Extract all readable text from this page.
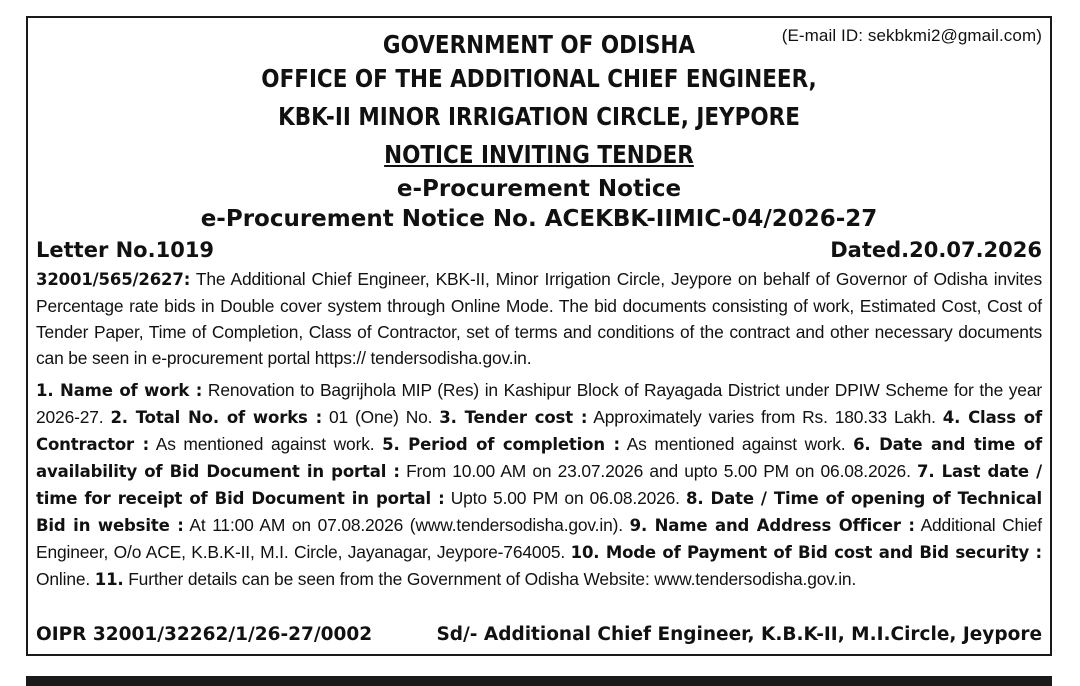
(E-mail ID: sekbkmi2@gmail.com)
GOVERNMENT OF ODISHA
OFFICE OF THE ADDITIONAL CHIEF ENGINEER,
KBK-II MINOR IRRIGATION CIRCLE, JEYPORE
NOTICE INVITING TENDER
e-Procurement Notice
e-Procurement Notice No. ACEKBK-IIMIC-04/2026-27
Letter No.1019	Dated.20.07.2026

32001/565/2627: The Additional Chief Engineer, KBK-II, Minor Irrigation Circle, Jeypore on behalf of Governor of Odisha invites Percentage rate bids in Double cover system through Online Mode. The bid documents consisting of work, Estimated Cost, Cost of Tender Paper, Time of Completion, Class of Contractor, set of terms and conditions of the contract and other necessary documents can be seen in e-procurement portal https:// tendersodisha.gov.in.

1. Name of work : Renovation to Bagrijhola MIP (Res) in Kashipur Block of Rayagada District under DPIW Scheme for the year 2026-27. 2. Total No. of works : 01 (One) No. 3. Tender cost : Approximately varies from Rs. 180.33 Lakh. 4. Class of Contractor : As mentioned against work. 5. Period of completion : As mentioned against work. 6. Date and time of availability of Bid Document in portal : From 10.00 AM on 23.07.2026 and upto 5.00 PM on 06.08.2026. 7. Last date / time for receipt of Bid Document in portal : Upto 5.00 PM on 06.08.2026. 8. Date / Time of opening of Technical Bid in website : At 11:00 AM on 07.08.2026 (www.tendersodisha.gov.in). 9. Name and Address Officer : Additional Chief Engineer, O/o ACE, K.B.K-II, M.I. Circle, Jayanagar, Jeypore-764005. 10. Mode of Payment of Bid cost and Bid security : Online. 11. Further details can be seen from the Government of Odisha Website: www.tendersodisha.gov.in.

OIPR 32001/32262/1/26-27/0002	Sd/- Additional Chief Engineer, K.B.K-II, M.I.Circle, Jeypore
